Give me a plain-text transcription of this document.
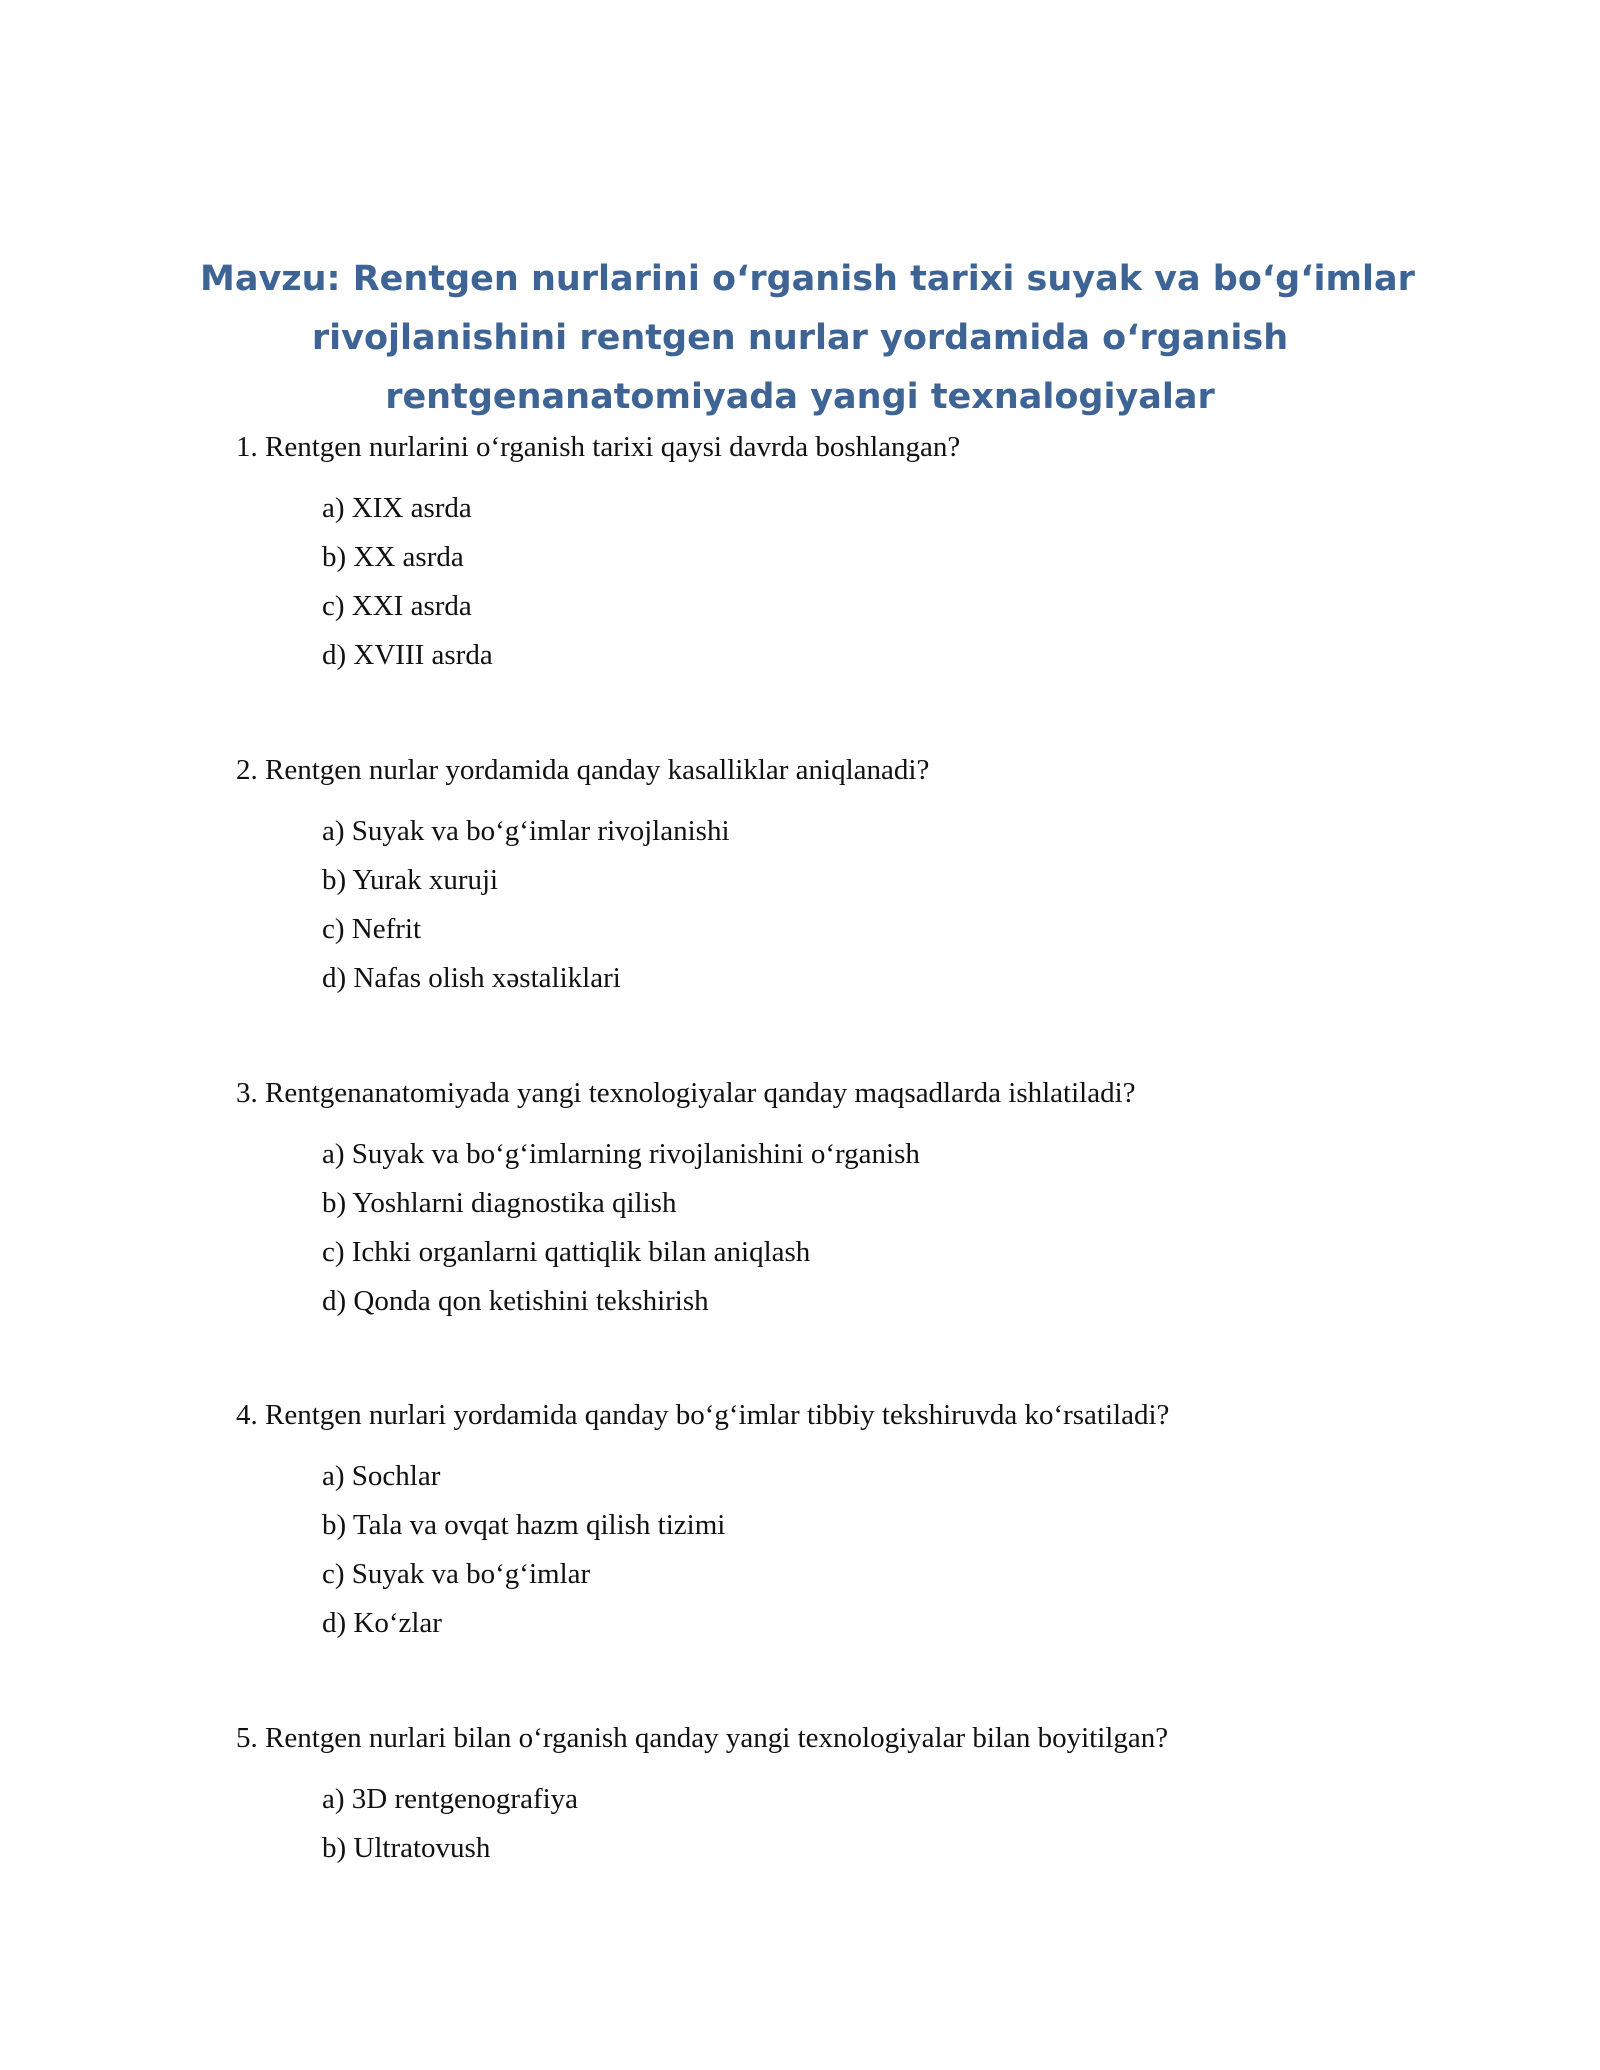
Mavzu: Rentgen nurlarini o‘rganish tarixi suyak va bo‘g‘imlar
rivojlanishini rentgen nurlar yordamida o‘rganish
rentgenanatomiyada yangi texnalogiyalar

1. Rentgen nurlarini o‘rganish tarixi qaysi davrda boshlangan?

a) XIX asrda
b) XX asrda
c) XXI asrda
d) XVIII asrda

2. Rentgen nurlar yordamida qanday kasalliklar aniqlanadi?

a) Suyak va bo‘g‘imlar rivojlanishi
b) Yurak xuruji
c) Nefrit
d) Nafas olish xəstaliklari

3. Rentgenanatomiyada yangi texnologiyalar qanday maqsadlarda ishlatiladi?

a) Suyak va bo‘g‘imlarning rivojlanishini o‘rganish
b) Yoshlarni diagnostika qilish
c) Ichki organlarni qattiqlik bilan aniqlash
d) Qonda qon ketishini tekshirish

4. Rentgen nurlari yordamida qanday bo‘g‘imlar tibbiy tekshiruvda ko‘rsatiladi?

a) Sochlar
b) Tala va ovqat hazm qilish tizimi
c) Suyak va bo‘g‘imlar
d) Ko‘zlar

5. Rentgen nurlari bilan o‘rganish qanday yangi texnologiyalar bilan boyitilgan?

a) 3D rentgenografiya
b) Ultratovush
